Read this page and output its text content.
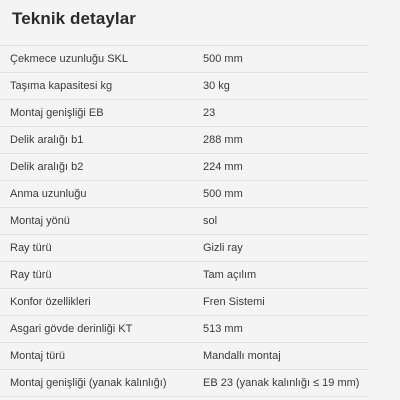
Teknik detaylar
Çekmece uzunluğu SKL	500 mm
Taşıma kapasitesi kg	30 kg
Montaj genişliği EB	23
Delik aralığı b1	288 mm
Delik aralığı b2	224 mm
Anma uzunluğu	500 mm
Montaj yönü	sol
Ray türü	Gizli ray
Ray türü	Tam açılım
Konfor özellikleri	Fren Sistemi
Asgari gövde derinliği KT	513 mm
Montaj türü	Mandallı montaj
Montaj genişliği (yanak kalınlığı)	EB 23 (yanak kalınlığı ≤ 19 mm)
